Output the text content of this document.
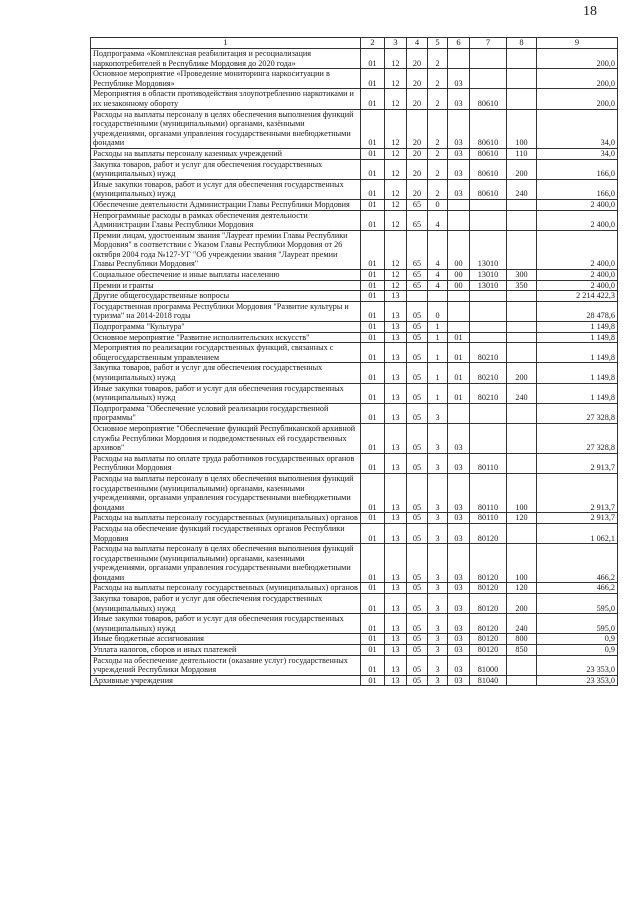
18
1	2	3	4	5	6	7	8	9
Подпрограмма «Комплексная реабилитация и ресоциализация наркопотребителей в Республике Мордовия до 2020 года»	01	12	20	2				200,0
Основное мероприятие «Проведение мониторинга наркоситуации в Республике Мордовия»	01	12	20	2	03			200,0
Мероприятия в области противодействия злоупотреблению наркотиками и их незаконному обороту	01	12	20	2	03	80610		200,0
Расходы на выплаты персоналу в целях обеспечения выполнения функций государственными (муниципальными) органами, казёнными учреждениями, органами управления государственными внебюджетными фондами	01	12	20	2	03	80610	100	34,0
Расходы на выплаты персоналу казенных учреждений	01	12	20	2	03	80610	110	34,0
Закупка товаров, работ и услуг для обеспечения государственных (муниципальных) нужд	01	12	20	2	03	80610	200	166,0
Иные закупки товаров, работ и услуг для обеспечения государственных (муниципальных) нужд	01	12	20	2	03	80610	240	166,0
Обеспечение деятельности Администрации Главы Республики Мордовия	01	12	65	0				2 400,0
Непрограммные расходы в рамках обеспечения деятельности Администрации Главы Республики Мордовия	01	12	65	4				2 400,0
Премии лицам, удостоенным звания "Лауреат премии Главы Республики Мордовия" в соответствии с Указом Главы Республики Мордовия от 26 октября 2004 года №127-УГ "Об учреждении звания "Лауреат премии Главы Республики Мордовия"	01	12	65	4	00	13010		2 400,0
Социальное обеспечение и иные выплаты населению	01	12	65	4	00	13010	300	2 400,0
Премии и гранты	01	12	65	4	00	13010	350	2 400,0
Другие общегосударственные вопросы	01	13						2 214 422,3
Государственная программа Республики Мордовия "Развитие культуры и туризма" на 2014-2018 годы	01	13	05	0				28 478,6
Подпрограмма "Культура"	01	13	05	1				1 149,8
Основное мероприятие "Развитие исполнительских искусств"	01	13	05	1	01			1 149,8
Мероприятия по реализации государственных функций, связанных с общегосударственным управлением	01	13	05	1	01	80210		1 149,8
Закупка товаров, работ и услуг для обеспечения государственных (муниципальных) нужд	01	13	05	1	01	80210	200	1 149,8
Иные закупки товаров, работ и услуг для обеспечения государственных (муниципальных) нужд	01	13	05	1	01	80210	240	1 149,8
Подпрограмма "Обеспечение условий реализации государственной программы"	01	13	05	3				27 328,8
Основное мероприятие "Обеспечение функций Республиканской архивной службы Республики Мордовия и подведомственных ей государственных архивов"	01	13	05	3	03			27 328,8
Расходы на выплаты по оплате труда работников государственных органов Республики Мордовия	01	13	05	3	03	80110		2 913,7
Расходы на выплаты персоналу в целях обеспечения выполнения функций государственными (муниципальными) органами, казенными учреждениями, органами управления государственными внебюджетными фондами	01	13	05	3	03	80110	100	2 913,7
Расходы на выплаты персоналу государственных (муниципальных) органов	01	13	05	3	03	80110	120	2 913,7
Расходы на обеспечение функций государственных органов Республики Мордовия	01	13	05	3	03	80120		1 062,1
Расходы на выплаты персоналу в целях обеспечения выполнения функций государственными (муниципальными) органами, казенными учреждениями, органами управления государственными внебюджетными фондами	01	13	05	3	03	80120	100	466,2
Расходы на выплаты персоналу государственных (муниципальных) органов	01	13	05	3	03	80120	120	466,2
Закупка товаров, работ и услуг для обеспечения государственных (муниципальных) нужд	01	13	05	3	03	80120	200	595,0
Иные закупки товаров, работ и услуг для обеспечения государственных (муниципальных) нужд	01	13	05	3	03	80120	240	595,0
Иные бюджетные ассигнования	01	13	05	3	03	80120	800	0,9
Уплата налогов, сборов и иных платежей	01	13	05	3	03	80120	850	0,9
Расходы на обеспечение деятельности (оказание услуг) государственных учреждений Республики Мордовия	01	13	05	3	03	81000		23 353,0
Архивные учреждения	01	13	05	3	03	81040		23 353,0
